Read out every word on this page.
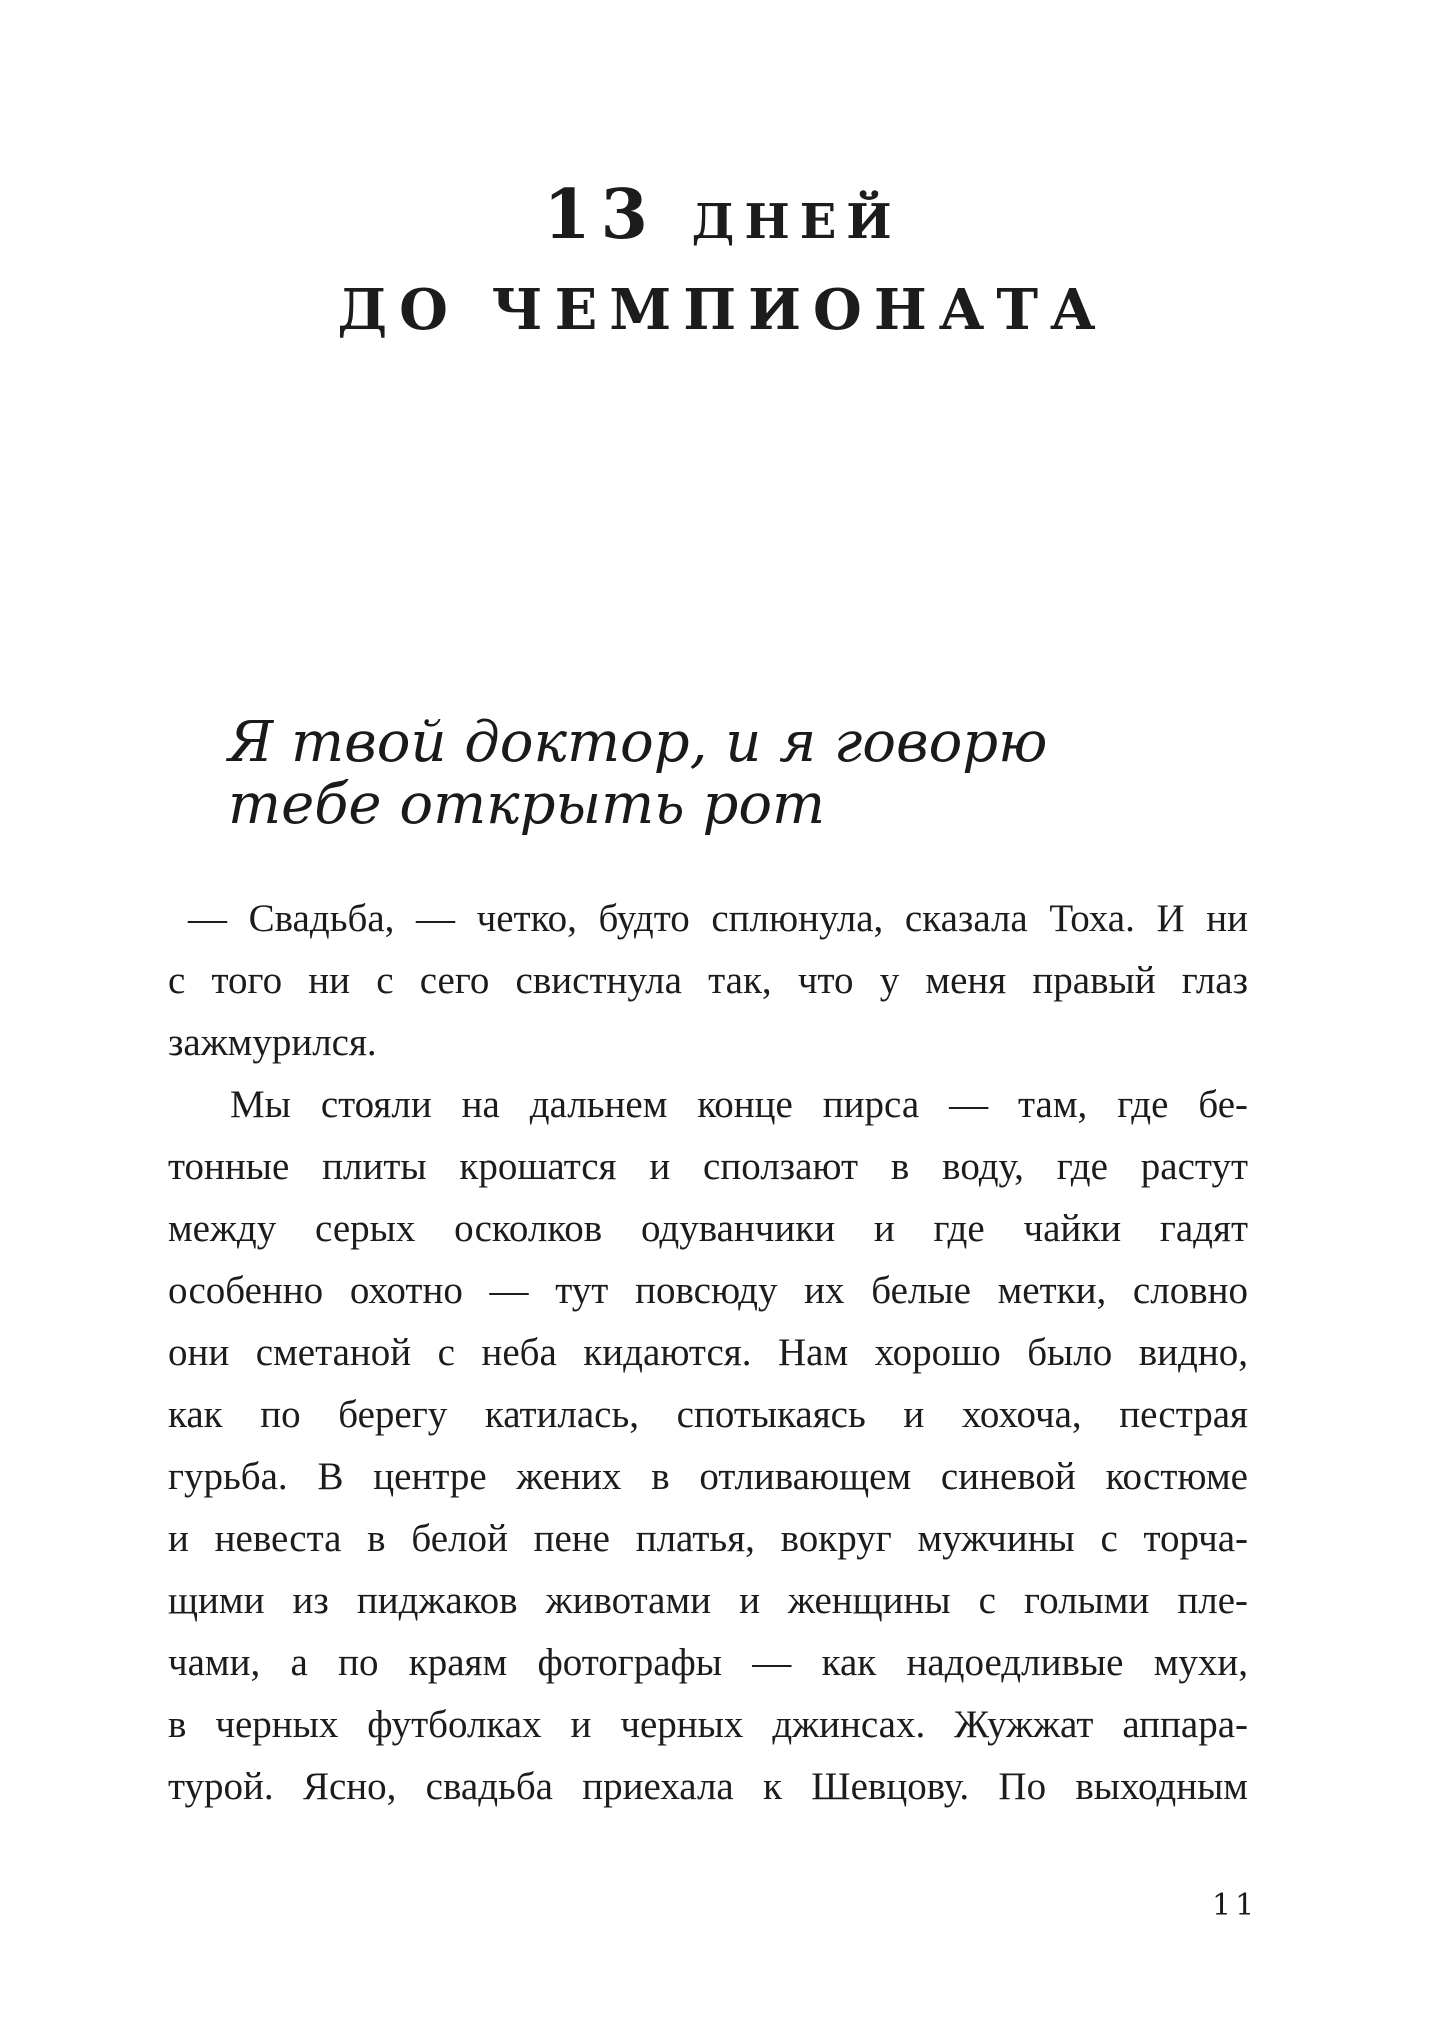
13 дней
ДО ЧЕМПИОНАТА
Я твой доктор, и я говорю
тебе открыть рот
— Свадьба, — четко, будто сплюнула, сказала Тоха. И ни
с того ни с сего свистнула так, что у меня правый глаз
зажмурился.
Мы стояли на дальнем конце пирса — там, где бе-
тонные плиты крошатся и сползают в воду, где растут
между серых осколков одуванчики и где чайки гадят
особенно охотно — тут повсюду их белые метки, словно
они сметаной с неба кидаются. Нам хорошо было видно,
как по берегу катилась, спотыкаясь и хохоча, пестрая
гурьба. В центре жених в отливающем синевой костюме
и невеста в белой пене платья, вокруг мужчины с торча-
щими из пиджаков животами и женщины с голыми пле-
чами, а по краям фотографы — как надоедливые мухи,
в черных футболках и черных джинсах. Жужжат аппара-
турой. Ясно, свадьба приехала к Шевцову. По выходным
11
